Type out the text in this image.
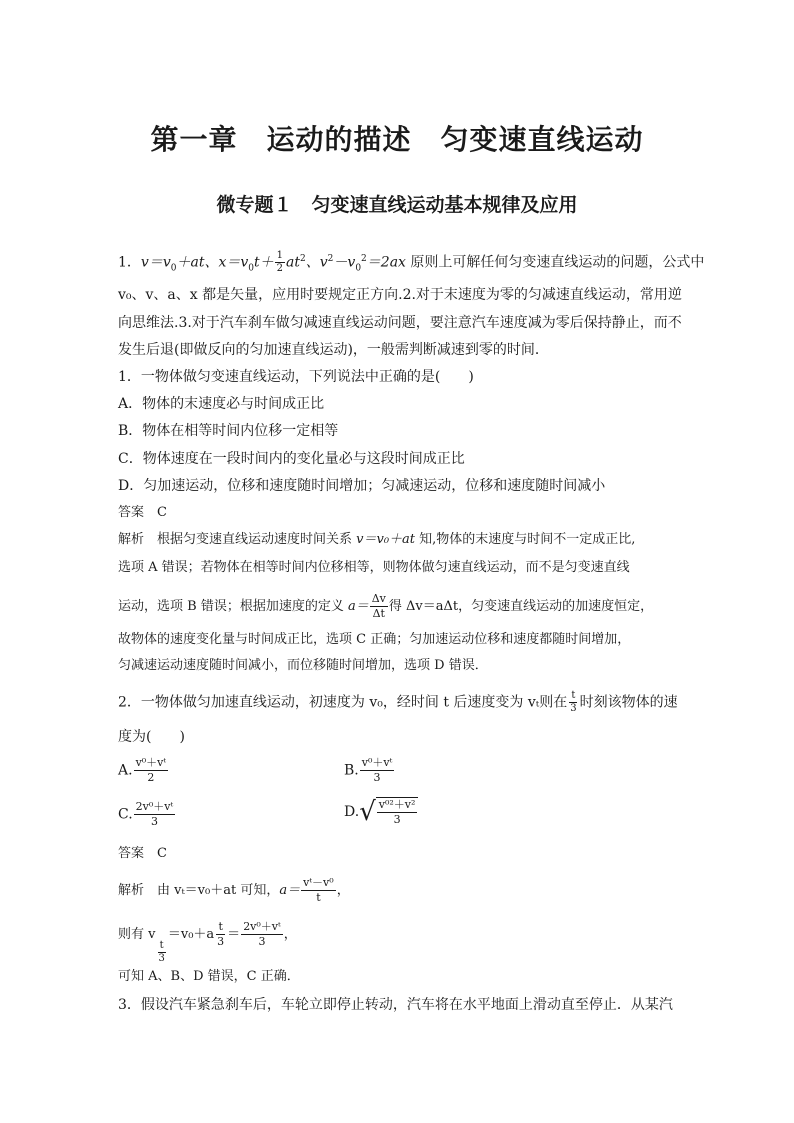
第一章　运动的描述　匀变速直线运动
微专题１　匀变速直线运动基本规律及应用
1．$v=v_0+at$、$x=v_0t+ \frac{1}{2} at^2$、$v^2-v_0^2=2ax$ 原则上可解任何匀变速直线运动的问题，公式中
v₀、v、a、x 都是矢量，应用时要规定正方向.2.对于末速度为零的匀减速直线运动，常用逆
向思维法.3.对于汽车刹车做匀减速直线运动问题，要注意汽车速度减为零后保持静止，而不
发生后退(即做反向的匀加速直线运动)，一般需判断减速到零的时间．
1．一物体做匀变速直线运动，下列说法中正确的是(　　)
A．物体的末速度必与时间成正比
B．物体在相等时间内位移一定相等
C．物体速度在一段时间内的变化量必与这段时间成正比
D．匀加速运动，位移和速度随时间增加；匀减速运动，位移和速度随时间减小
答案　C
解析　根据匀变速直线运动速度时间关系 v＝v₀＋at 知,物体的末速度与时间不一定成正比,
选项 A 错误；若物体在相等时间内位移相等，则物体做匀速直线运动，而不是匀变速直线
运动，选项 B 错误；根据加速度的定义 $a= \frac{\Delta v}{\Delta t}$ 得 Δv＝aΔt，匀变速直线运动的加速度恒定，
故物体的速度变化量与时间成正比，选项 C 正确；匀加速运动位移和速度都随时间增加，
匀减速运动速度随时间减小，而位移随时间增加，选项 D 错误．
2．一物体做匀加速直线运动，初速度为 v₀，经时间 t 后速度变为 vₜ则在 $\frac{t}{3}$ 时刻该物体的速
度为(　　)
A. $\frac{\text{v⁰＋vᵗ}}{2}$	B. $\frac{\text{v⁰＋vᵗ}}{3}$
C. $\frac{\text{2v⁰＋vᵗ}}{3}$	D. √ $\frac{\text{v⁰²＋v²}}{3}$
答案　C
解析　由 vₜ＝v₀＋at 可知，$a= \frac{\text{vᵗ－v⁰}}{t}$ ，
则有 v
$\frac{t}{3}$
$=v_0+a \frac{t}{3} = \frac{\text{2v⁰＋vᵗ}}{3}$ ，
可知 A、B、D 错误，C 正确．
3．假设汽车紧急刹车后，车轮立即停止转动，汽车将在水平地面上滑动直至停止．从某汽
